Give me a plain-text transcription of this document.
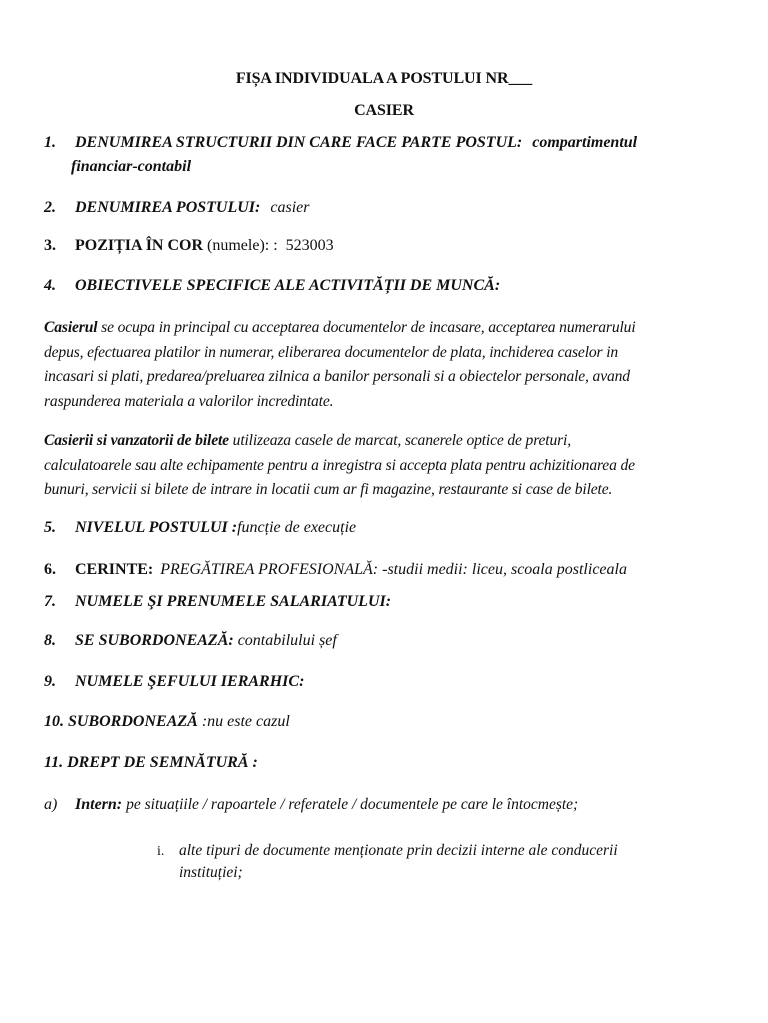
FIȘA INDIVIDUALA A POSTULUI NR___
CASIER
1. DENUMIREA STRUCTURII DIN CARE FACE PARTE POSTUL: compartimentul
financiar-contabil
2. DENUMIREA POSTULUI: casier
3. POZIȚIA ÎN COR (numele): : 523003
4. OBIECTIVELE SPECIFICE ALE ACTIVITĂȚII DE MUNCĂ:
Casierul se ocupa in principal cu acceptarea documentelor de incasare, acceptarea numerarului
depus, efectuarea platilor in numerar, eliberarea documentelor de plata, inchiderea caselor in
incasari si plati, predarea/preluarea zilnica a banilor personali si a obiectelor personale, avand
raspunderea materiala a valorilor incredintate.
Casierii si vanzatorii de bilete utilizeaza casele de marcat, scanerele optice de preturi,
calculatoarele sau alte echipamente pentru a inregistra si accepta plata pentru achizitionarea de
bunuri, servicii si bilete de intrare in locatii cum ar fi magazine, restaurante si case de bilete.
5. NIVELUL POSTULUI :funcție de execuție
6. CERINTE: PREGĂTIREA PROFESIONALĂ: -studii medii: liceu, scoala postliceala
7. NUMELE ŞI PRENUMELE SALARIATULUI:
8. SE SUBORDONEAZĂ: contabilului șef
9. NUMELE ŞEFULUI IERARHIC:
10. SUBORDONEAZĂ :nu este cazul
11. DREPT DE SEMNĂTURĂ :
a) Intern: pe situațiile / rapoartele / referatele / documentele pe care le întocmește;
i. alte tipuri de documente menționate prin decizii interne ale conducerii
instituției;
